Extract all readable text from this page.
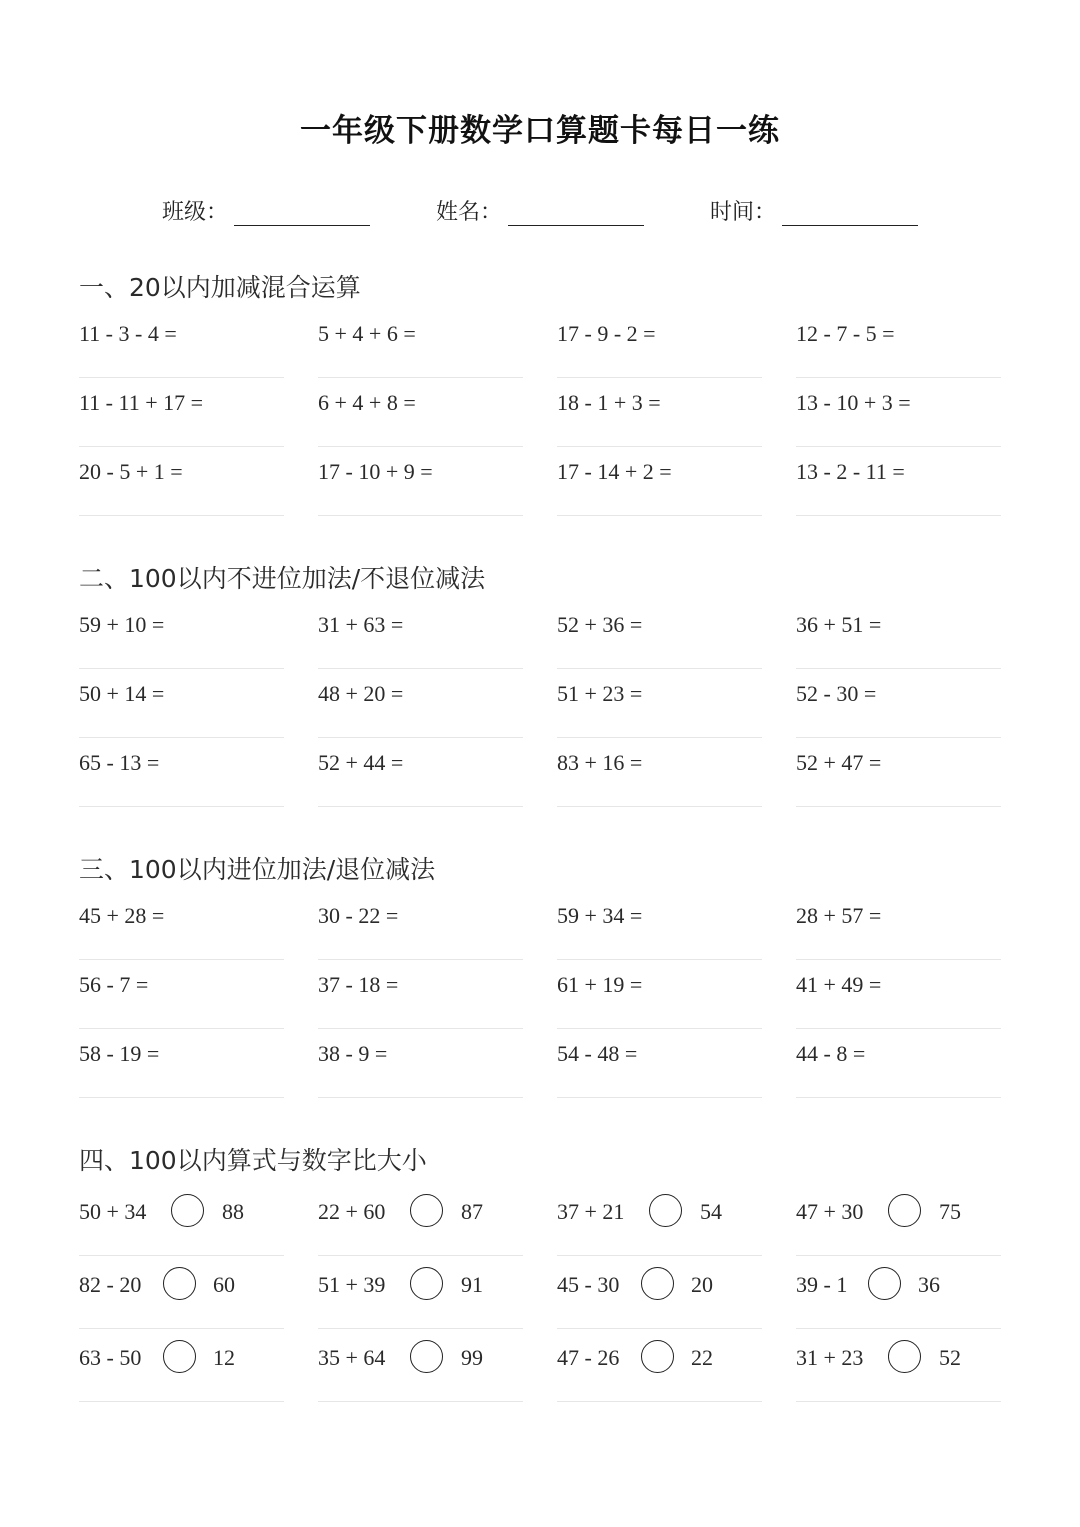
一年级下册数学口算题卡每日一练
班级：	姓名：	时间：
一、20以内加减混合运算
11 - 3 - 4 =	5 + 4 + 6 =	17 - 9 - 2 =	12 - 7 - 5 =
11 - 11 + 17 =	6 + 4 + 8 =	18 - 1 + 3 =	13 - 10 + 3 =
20 - 5 + 1 =	17 - 10 + 9 =	17 - 14 + 2 =	13 - 2 - 11 =
二、100以内不进位加法/不退位减法
59 + 10 =	31 + 63 =	52 + 36 =	36 + 51 =
50 + 14 =	48 + 20 =	51 + 23 =	52 - 30 =
65 - 13 =	52 + 44 =	83 + 16 =	52 + 47 =
三、100以内进位加法/退位减法
45 + 28 =	30 - 22 =	59 + 34 =	28 + 57 =
56 - 7 =	37 - 18 =	61 + 19 =	41 + 49 =
58 - 19 =	38 - 9 =	54 - 48 =	44 - 8 =
四、100以内算式与数字比大小
50 + 34	88	22 + 60	87	37 + 21	54	47 + 30	75
82 - 20	60	51 + 39	91	45 - 30	20	39 - 1	36
63 - 50	12	35 + 64	99	47 - 26	22	31 + 23	52
